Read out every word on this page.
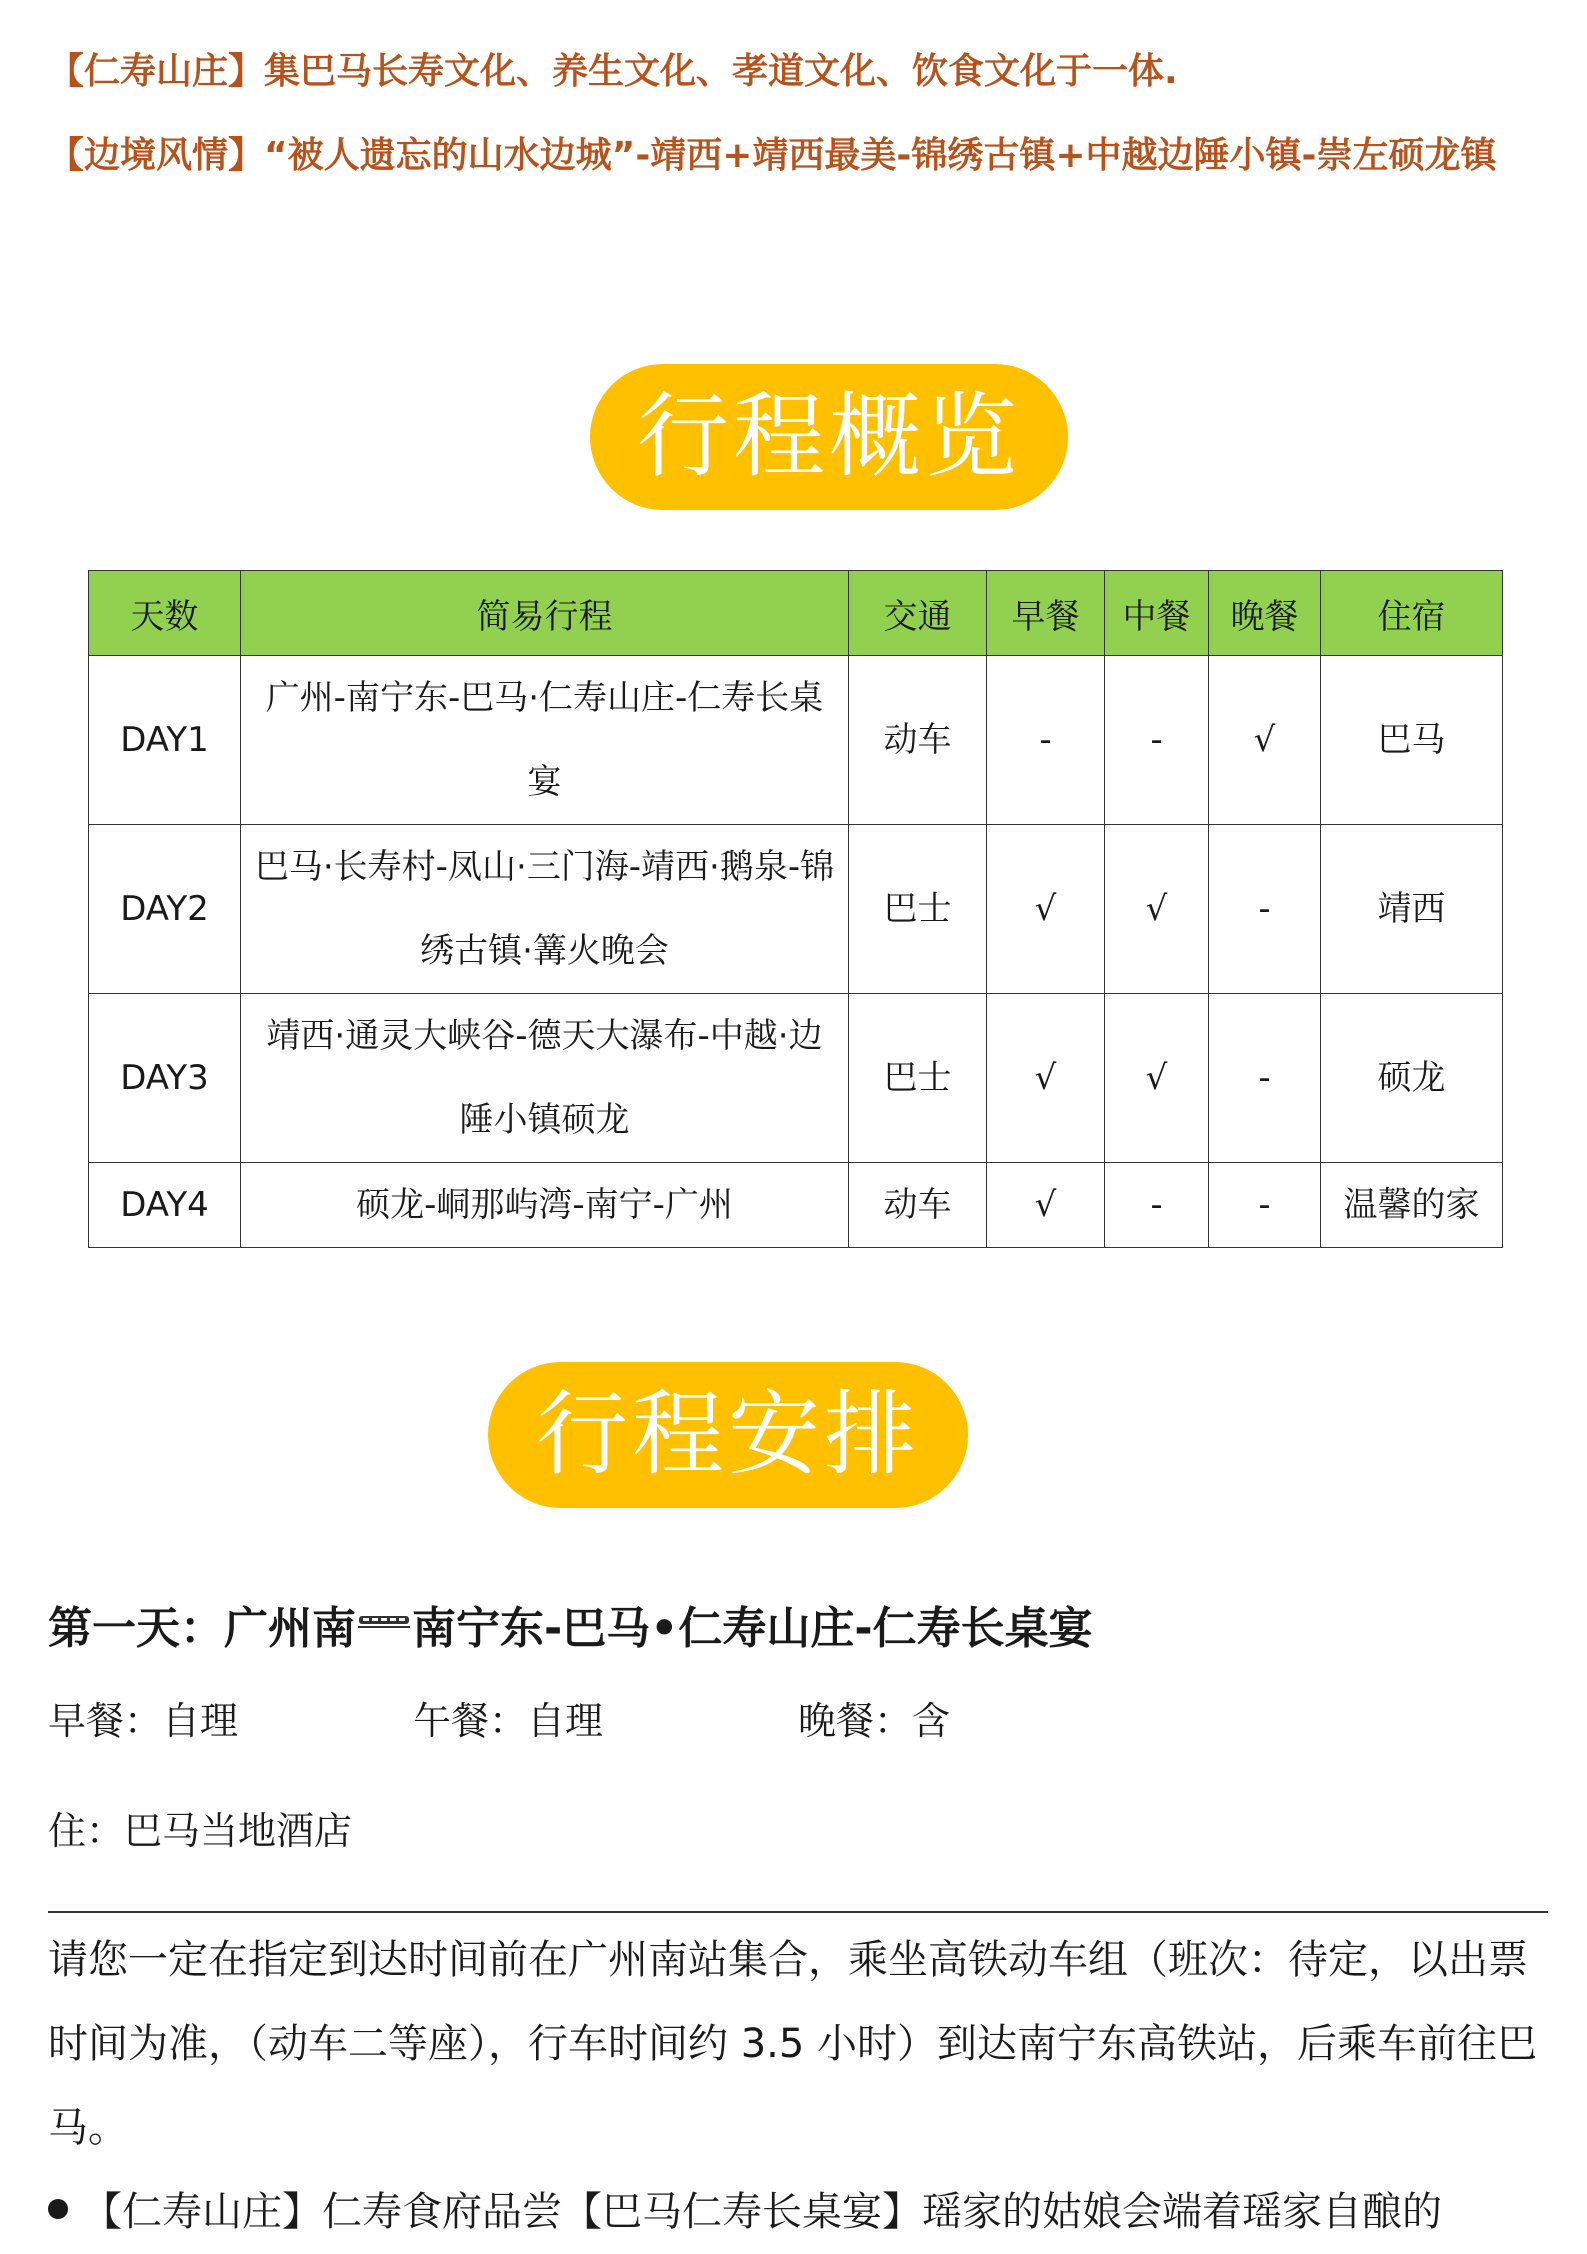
【仁寿山庄】集巴马长寿文化、养生文化、孝道文化、饮食文化于一体.

【边境风情】“被人遗忘的山水边城”-靖西+靖西最美-锦绣古镇+中越边陲小镇-崇左硕龙镇

行程概览
天数	简易行程	交通	早餐	中餐	晚餐	住宿
DAY1	广州-南宁东-巴马·仁寿山庄-仁寿长桌宴	动车	-	-	√	巴马
DAY2	巴马·长寿村-凤山·三门海-靖西·鹅泉-锦绣古镇·篝火晚会	巴士	√	√	-	靖西
DAY3	靖西·通灵大峡谷-德天大瀑布-中越·边陲小镇硕龙	巴士	√	√	-	硕龙
DAY4	硕龙-峒那屿湾-南宁-广州	动车	√	-	-	温馨的家
行程安排
第一天：广州南 南宁东-巴马•仁寿山庄-仁寿长桌宴
早餐：自理	午餐：自理	晚餐：含
住：巴马当地酒店

请您一定在指定到达时间前在广州南站集合，乘坐高铁动车组（班次：待定，以出票时间为准，（动车二等座），行车时间约 3.5 小时）到达南宁东高铁站，后乘车前往巴马。

【仁寿山庄】仁寿食府品尝【巴马仁寿长桌宴】瑶家的姑娘会端着瑶家自酿的
